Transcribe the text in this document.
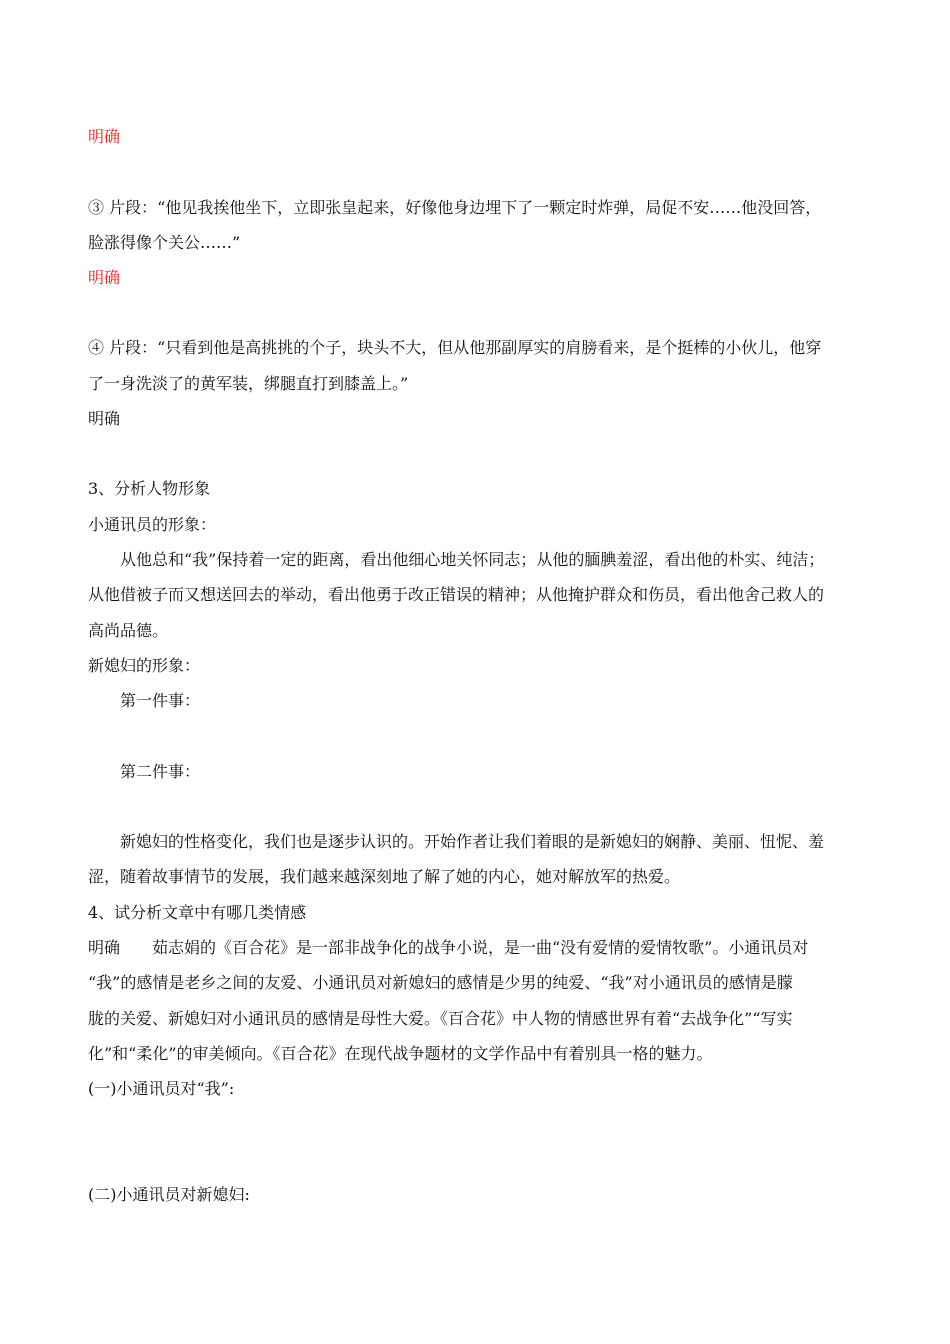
明确
③ 片段：“他见我挨他坐下，立即张皇起来，好像他身边埋下了一颗定时炸弹，局促不安……他没回答，
脸涨得像个关公……”
明确
④ 片段：“只看到他是高挑挑的个子，块头不大，但从他那副厚实的肩膀看来，是个挺棒的小伙儿，他穿
了一身洗淡了的黄军装，绑腿直打到膝盖上。”
明确
3、分析人物形象
小通讯员的形象：
从他总和“我”保持着一定的距离，看出他细心地关怀同志；从他的腼腆羞涩，看出他的朴实、纯洁；
从他借被子而又想送回去的举动，看出他勇于改正错误的精神；从他掩护群众和伤员，看出他舍己救人的
高尚品德。
新媳妇的形象：
第一件事：
第二件事：
新媳妇的性格变化，我们也是逐步认识的。开始作者让我们着眼的是新媳妇的娴静、美丽、忸怩、羞
涩，随着故事情节的发展，我们越来越深刻地了解了她的内心，她对解放军的热爱。
4、试分析文章中有哪几类情感
明确　　茹志娟的《百合花》是一部非战争化的战争小说，是一曲“没有爱情的爱情牧歌”。小通讯员对
“我”的感情是老乡之间的友爱、小通讯员对新媳妇的感情是少男的纯爱、“我”对小通讯员的感情是朦
胧的关爱、新媳妇对小通讯员的感情是母性大爱。《百合花》中人物的情感世界有着“去战争化”“写实
化”和“柔化”的审美倾向。《百合花》在现代战争题材的文学作品中有着别具一格的魅力。
(一)小通讯员对“我”:
(二)小通讯员对新媳妇:
